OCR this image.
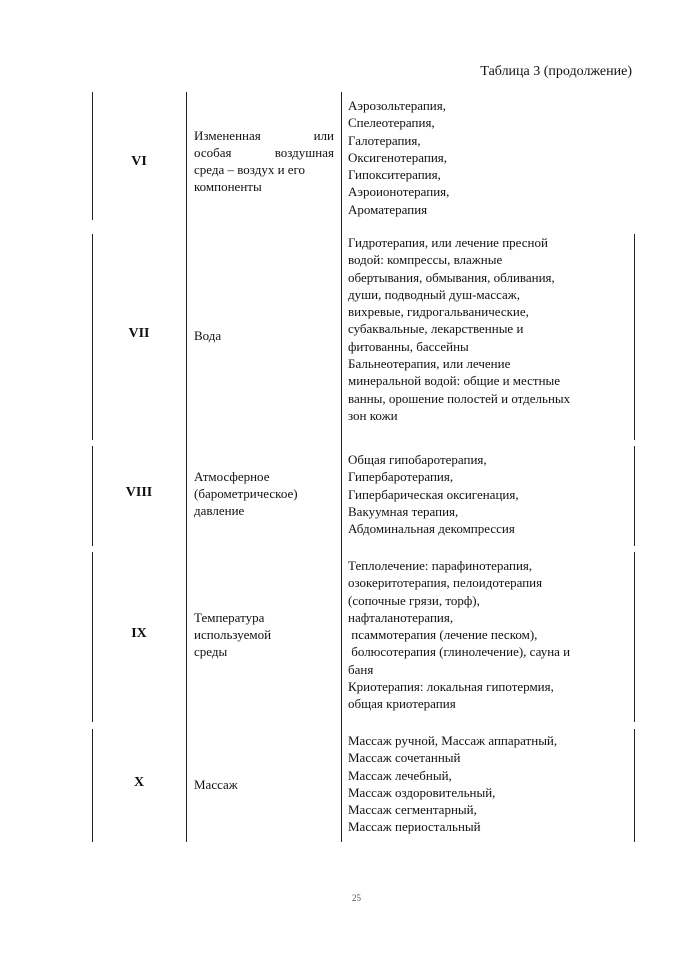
Таблица 3 (продолжение)
VI
Измененная или
особая воздушная
среда – воздух и его
компоненты
Аэрозольтерапия,
Спелеотерапия,
Галотерапия,
Оксигенотерапия,
Гипокситерапия,
Аэроионотерапия,
Ароматерапия
VII	Вода
Гидротерапия, или лечение пресной
водой: компрессы, влажные
обертывания, обмывания, обливания,
души, подводный душ-массаж,
вихревые, гидрогальванические,
субаквальные, лекарственные и
фитованны, бассейны
Бальнеотерапия, или лечение
минеральной водой: общие и местные
ванны, орошение полостей и отдельных
зон кожи
VIII
Атмосферное
(барометрическое)
давление
Общая гипобаротерапия,
Гипербаротерапия,
Гипербарическая оксигенация,
Вакуумная терапия,
Абдоминальная декомпрессия
IX
Температура
используемой
среды
Теплолечение: парафинотерапия,
озокеритотерапия, пелоидотерапия
(сопочные грязи, торф),
нафталанотерапия,
псаммотерапия (лечение песком),
болюсотерапия (глинолечение), сауна и
баня
Криотерапия: локальная гипотермия,
общая криотерапия
X	Массаж
Массаж ручной, Массаж аппаратный,
Массаж сочетанный
Массаж лечебный,
Массаж оздоровительный,
Массаж сегментарный,
Массаж периостальный
25
